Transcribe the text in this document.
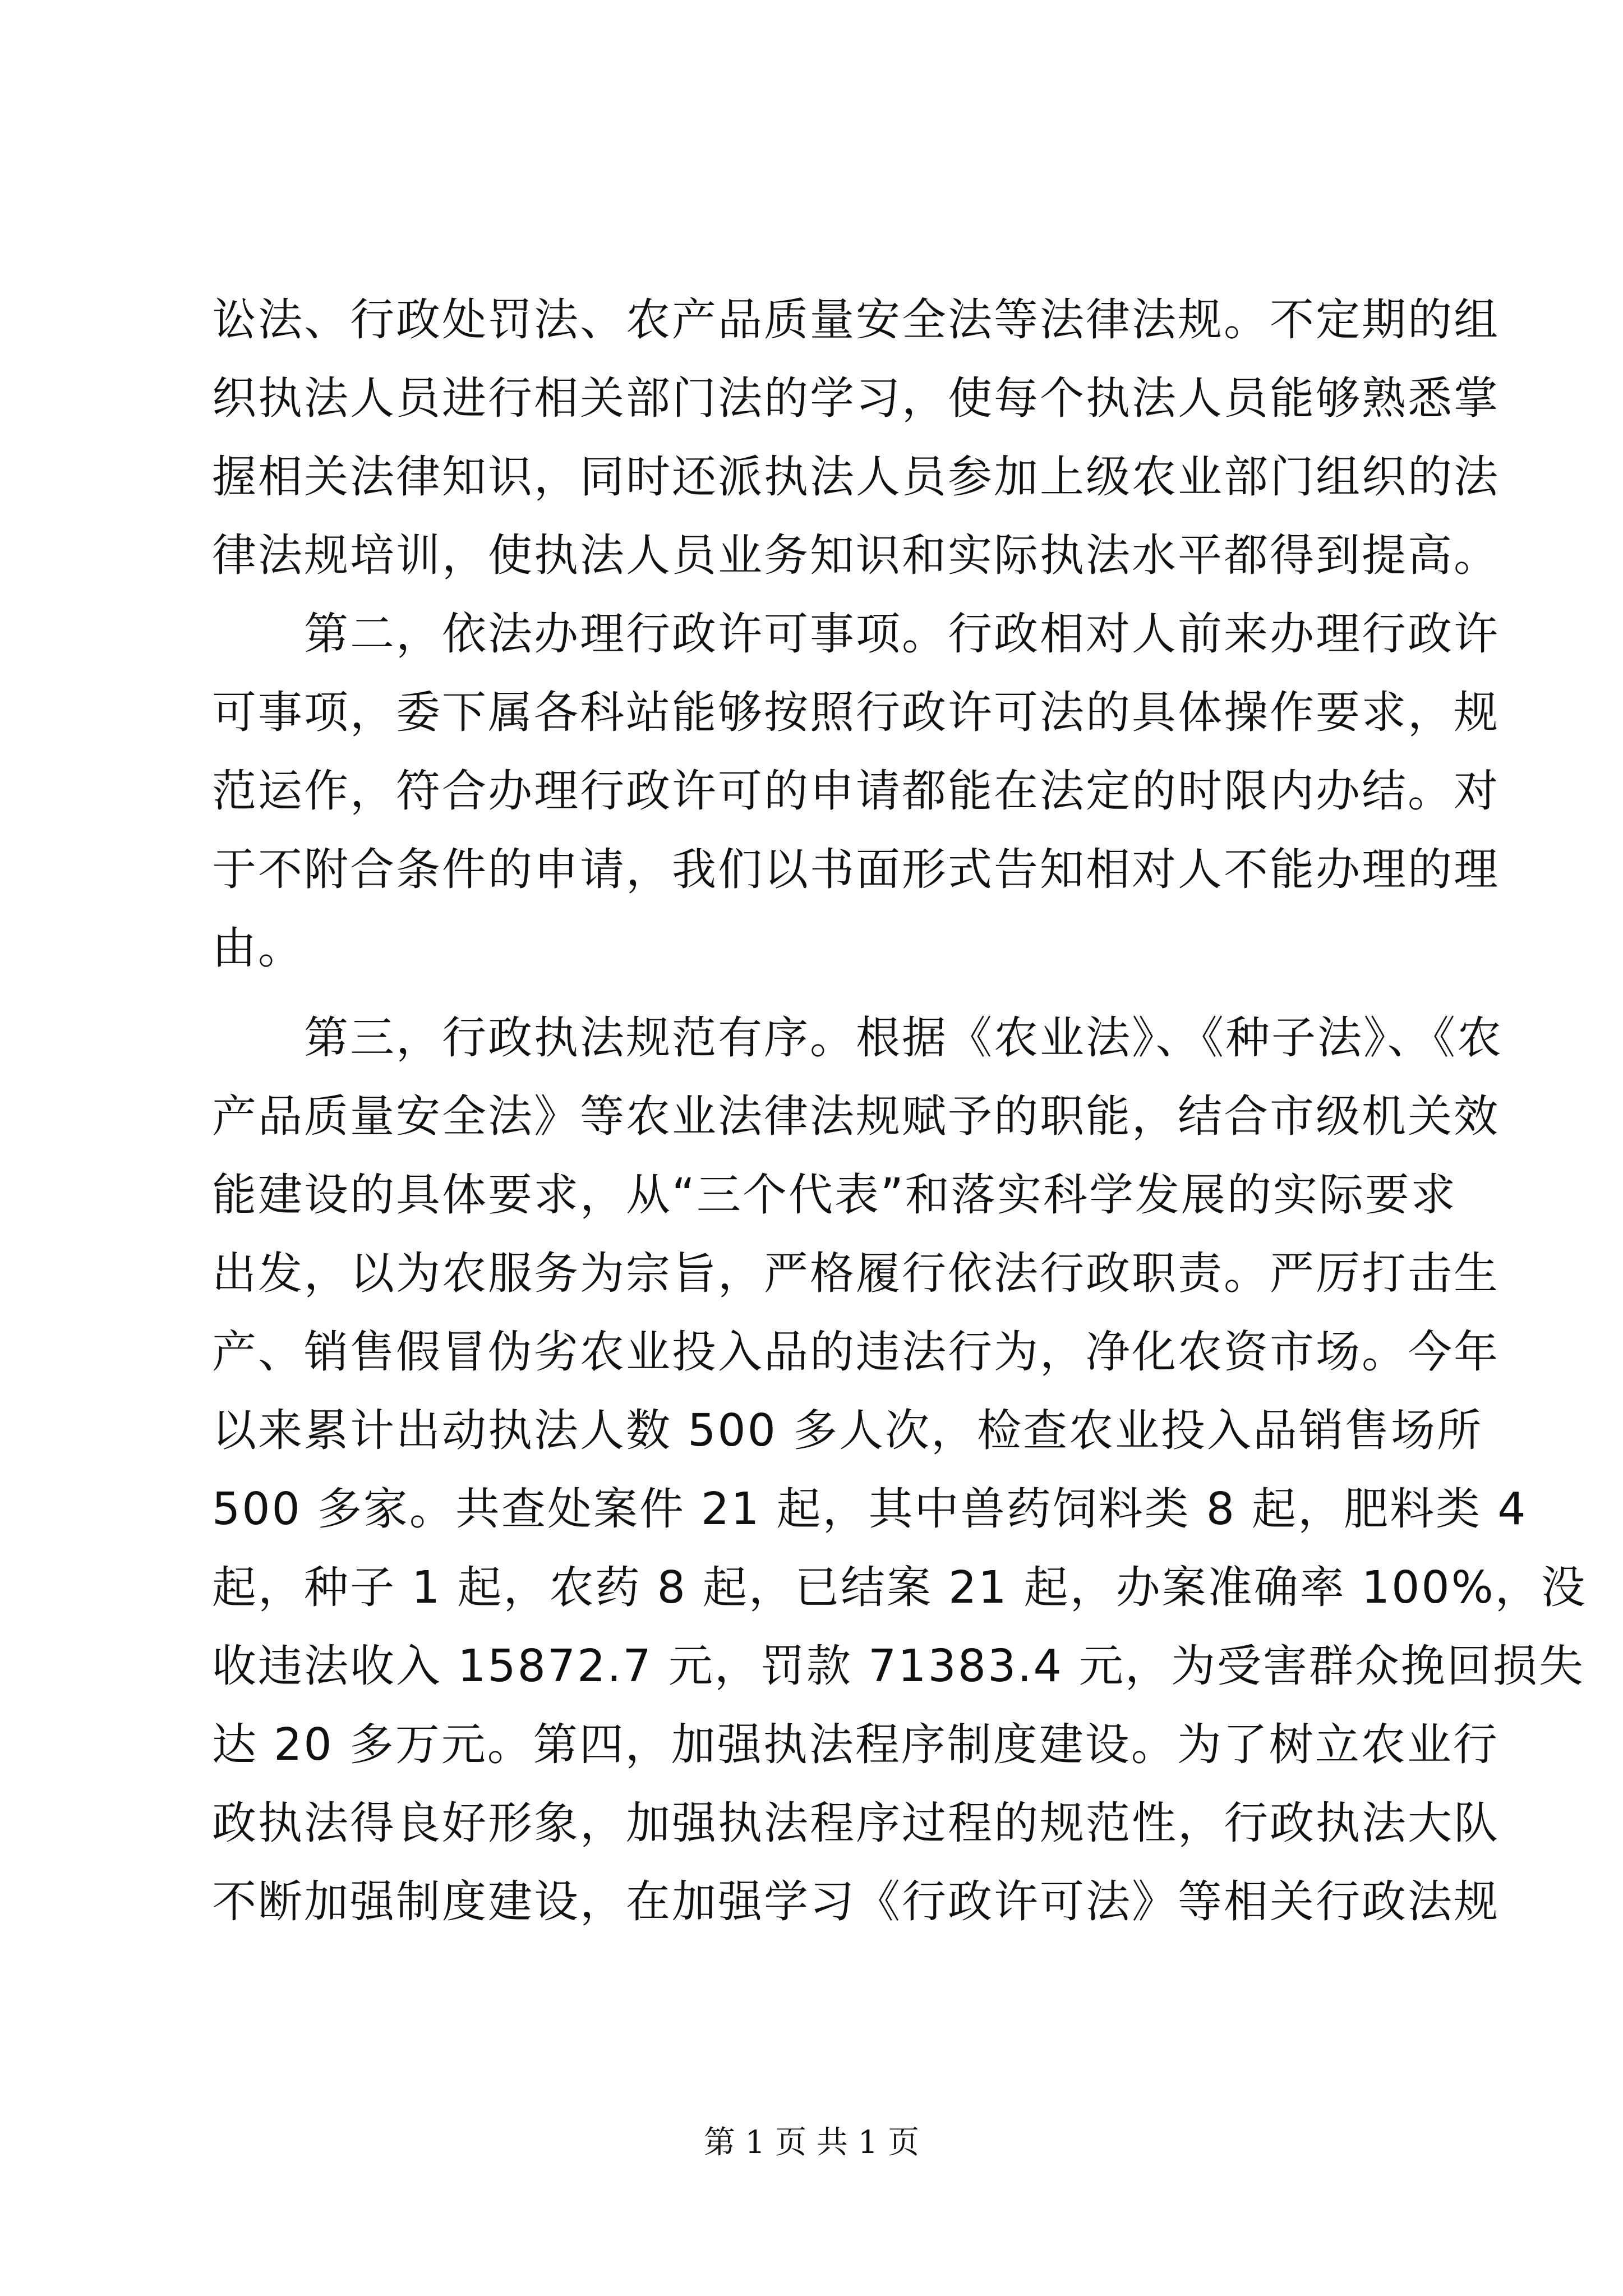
讼法、行政处罚法、农产品质量安全法等法律法规。不定期的组
织执法人员进行相关部门法的学习，使每个执法人员能够熟悉掌
握相关法律知识，同时还派执法人员参加上级农业部门组织的法
律法规培训，使执法人员业务知识和实际执法水平都得到提高。
　　第二，依法办理行政许可事项。行政相对人前来办理行政许
可事项，委下属各科站能够按照行政许可法的具体操作要求，规
范运作，符合办理行政许可的申请都能在法定的时限内办结。对
于不附合条件的申请，我们以书面形式告知相对人不能办理的理
由。
　　第三，行政执法规范有序。根据《农业法》、《种子法》、《农
产品质量安全法》等农业法律法规赋予的职能，结合市级机关效
能建设的具体要求，从“三个代表”和落实科学发展的实际要求
出发，以为农服务为宗旨，严格履行依法行政职责。严厉打击生
产、销售假冒伪劣农业投入品的违法行为，净化农资市场。今年
以来累计出动执法人数 500 多人次，检查农业投入品销售场所
500 多家。共查处案件 21 起，其中兽药饲料类 8 起，肥料类 4
起，种子 1 起，农药 8 起，已结案 21 起，办案准确率 100%，没
收违法收入 15872.7 元，罚款 71383.4 元，为受害群众挽回损失
达 20 多万元。第四，加强执法程序制度建设。为了树立农业行
政执法得良好形象，加强执法程序过程的规范性，行政执法大队
不断加强制度建设，在加强学习《行政许可法》等相关行政法规
第 1 页 共 1 页
